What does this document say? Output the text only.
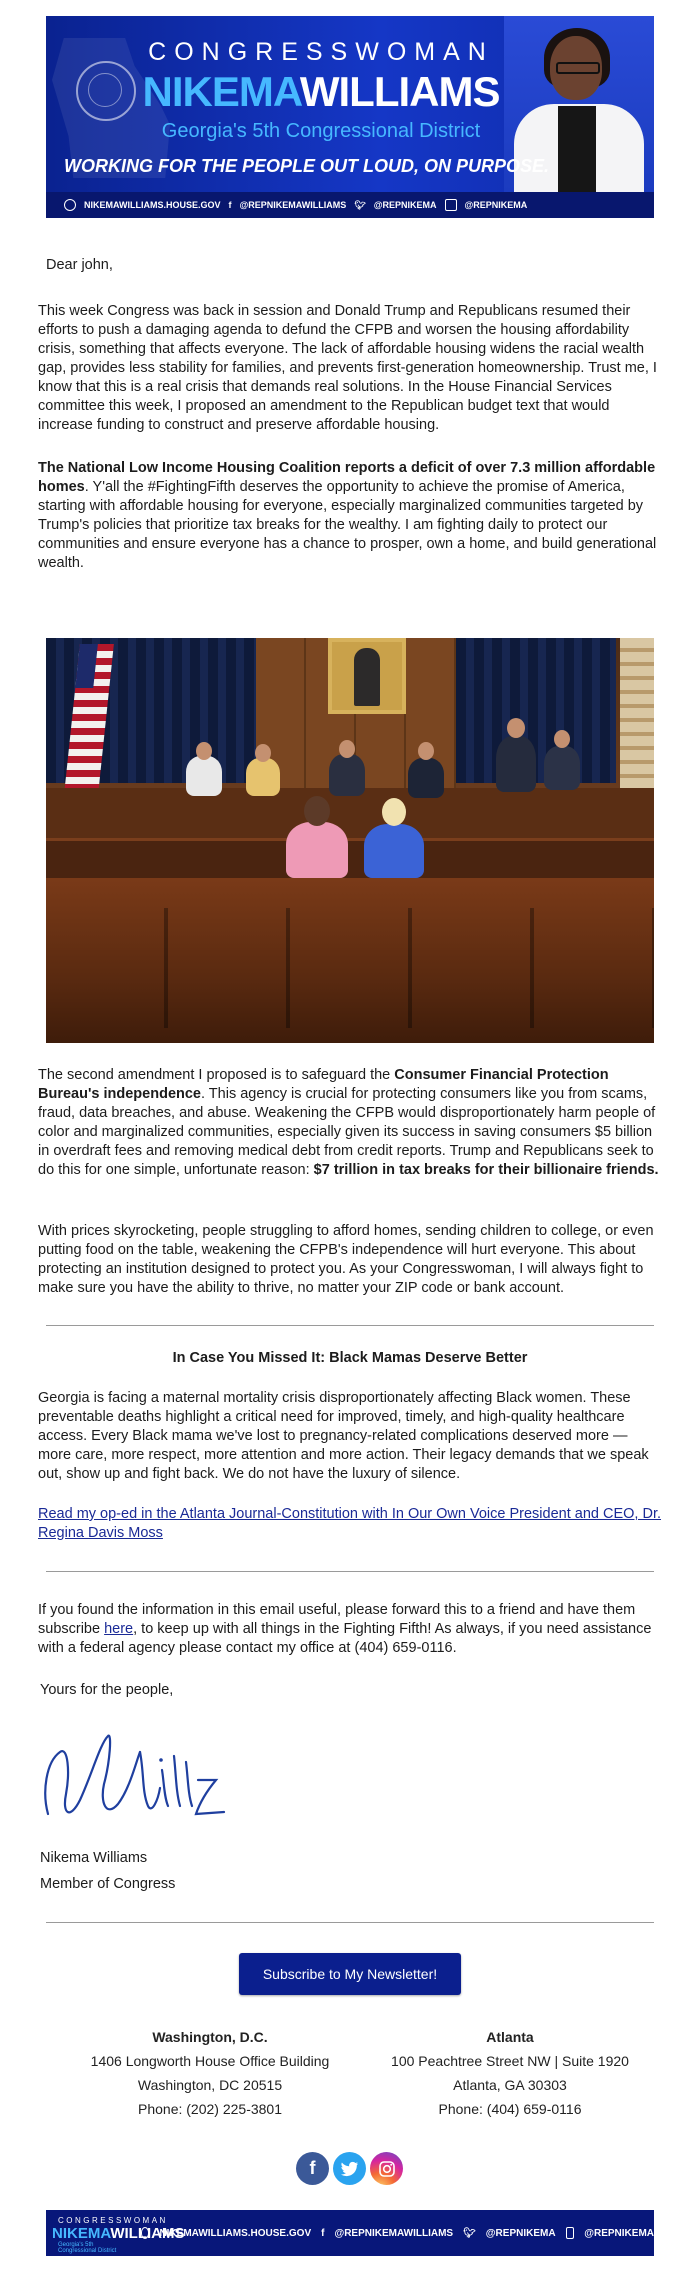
CONGRESSWOMAN
NIKEMAWILLIAMS
Georgia's 5th Congressional District
WORKING FOR THE PEOPLE OUT LOUD, ON PURPOSE.
NIKEMAWILLIAMS.HOUSE.GOV f @REPNIKEMAWILLIAMS 🐦︎ @REPNIKEMA	@REPNIKEMA
Dear john,
This week Congress was back in session and Donald Trump and Republicans resumed their efforts to push a damaging agenda to defund the CFPB and worsen the housing affordability crisis, something that affects everyone. The lack of affordable housing widens the racial wealth gap, provides less stability for families, and prevents first-generation homeownership. Trust me, I know that this is a real crisis that demands real solutions. In the House Financial Services committee this week, I proposed an amendment to the Republican budget text that would increase funding to construct and preserve affordable housing.
The National Low Income Housing Coalition reports a deficit of over 7.3 million affordable homes. Y'all the #FightingFifth deserves the opportunity to achieve the promise of America, starting with affordable housing for everyone, especially marginalized communities targeted by Trump's policies that prioritize tax breaks for the wealthy. I am fighting daily to protect our communities and ensure everyone has a chance to prosper, own a home, and build generational wealth.
The second amendment I proposed is to safeguard the Consumer Financial Protection Bureau's independence. This agency is crucial for protecting consumers like you from scams, fraud, data breaches, and abuse. Weakening the CFPB would disproportionately harm people of color and marginalized communities, especially given its success in saving consumers $5 billion in overdraft fees and removing medical debt from credit reports. Trump and Republicans seek to do this for one simple, unfortunate reason: $7 trillion in tax breaks for their billionaire friends.
With prices skyrocketing, people struggling to afford homes, sending children to college, or even putting food on the table, weakening the CFPB's independence will hurt everyone. This about protecting an institution designed to protect you. As your Congresswoman, I will always fight to make sure you have the ability to thrive, no matter your ZIP code or bank account.
In Case You Missed It: Black Mamas Deserve Better
Georgia is facing a maternal mortality crisis disproportionately affecting Black women. These preventable deaths highlight a critical need for improved, timely, and high-quality healthcare access. Every Black mama we've lost to pregnancy-related complications deserved more — more care, more respect, more attention and more action. Their legacy demands that we speak out, show up and fight back. We do not have the luxury of silence.
Read my op-ed in the Atlanta Journal-Constitution with In Our Own Voice President and CEO, Dr. Regina Davis Moss
If you found the information in this email useful, please forward this to a friend and have them subscribe here, to keep up with all things in the Fighting Fifth! As always, if you need assistance with a federal agency please contact my office at (404) 659-0116.
Yours for the people,
Nikema Williams
Member of Congress
Subscribe to My Newsletter!
Washington, D.C.
1406 Longworth House Office Building
Washington, DC 20515
Phone: (202) 225-3801
Atlanta
100 Peachtree Street NW | Suite 1920
Atlanta, GA 30303
Phone: (404) 659-0116
f
CONGRESSWOMAN
NIKEMAWILLIAMS
Georgia's 5th Congressional District
NIKEMAWILLIAMS.HOUSE.GOV f @REPNIKEMAWILLIAMS 🐦︎ @REPNIKEMA	@REPNIKEMA
